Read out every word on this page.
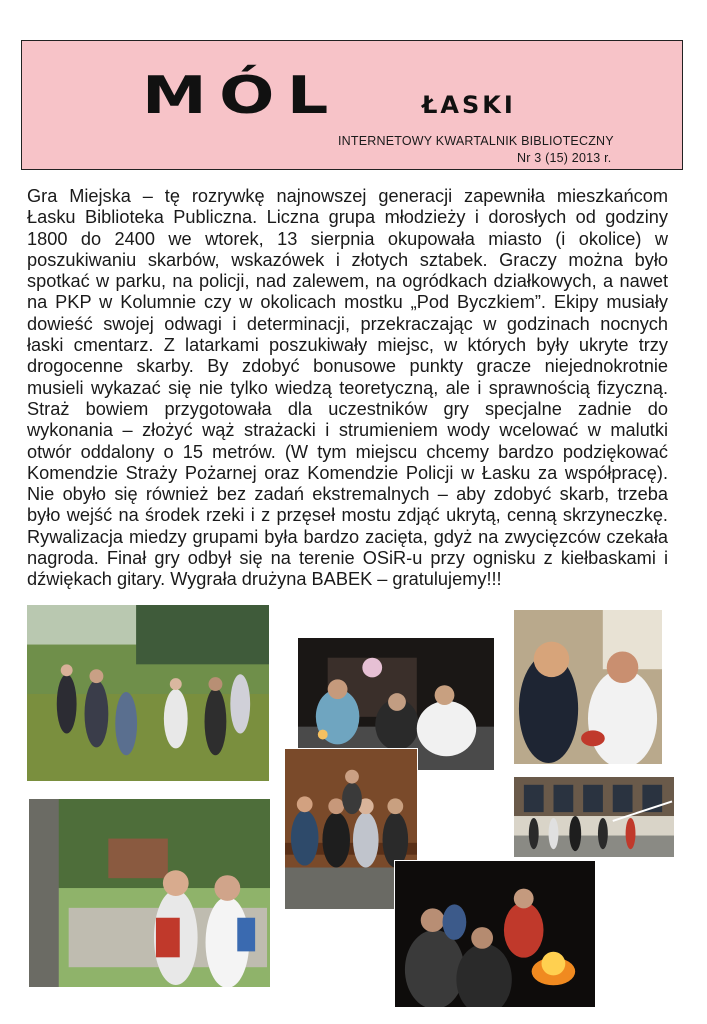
MÓL	ŁASKI
INTERNETOWY KWARTALNIK BIBLIOTECZNY
Nr 3 (15) 2013 r.
Gra Miejska – tę rozrywkę najnowszej generacji zapewniła mieszkańcom
Łasku Biblioteka Publiczna. Liczna grupa młodzieży i dorosłych od godziny
1800 do 2400 we wtorek, 13 sierpnia okupowała miasto (i okolice) w
poszukiwaniu skarbów, wskazówek i złotych sztabek. Graczy można było
spotkać w parku, na policji, nad zalewem, na ogródkach działkowych, a nawet
na PKP w Kolumnie czy w okolicach mostku „Pod Byczkiem”. Ekipy musiały
dowieść swojej odwagi i determinacji, przekraczając w godzinach nocnych
łaski cmentarz. Z latarkami poszukiwały miejsc, w których były ukryte trzy
drogocenne skarby. By zdobyć bonusowe punkty gracze niejednokrotnie
musieli wykazać się nie tylko wiedzą teoretyczną, ale i sprawnością fizyczną.
Straż bowiem przygotowała dla uczestników gry specjalne zadnie do
wykonania – złożyć wąż strażacki i strumieniem wody wcelować w malutki
otwór oddalony o 15 metrów. (W tym miejscu chcemy bardzo podziękować
Komendzie Straży Pożarnej oraz Komendzie Policji w Łasku za współpracę).
Nie obyło się również bez zadań ekstremalnych – aby zdobyć skarb, trzeba
było wejść na środek rzeki i z przęseł mostu zdjąć ukrytą, cenną skrzyneczkę.
Rywalizacja miedzy grupami była bardzo zacięta, gdyż na zwycięzców czekała
nagroda. Finał gry odbył się na terenie OSiR-u przy ognisku z kiełbaskami i
dźwiękach gitary. Wygrała drużyna BABEK – gratulujemy!!!
